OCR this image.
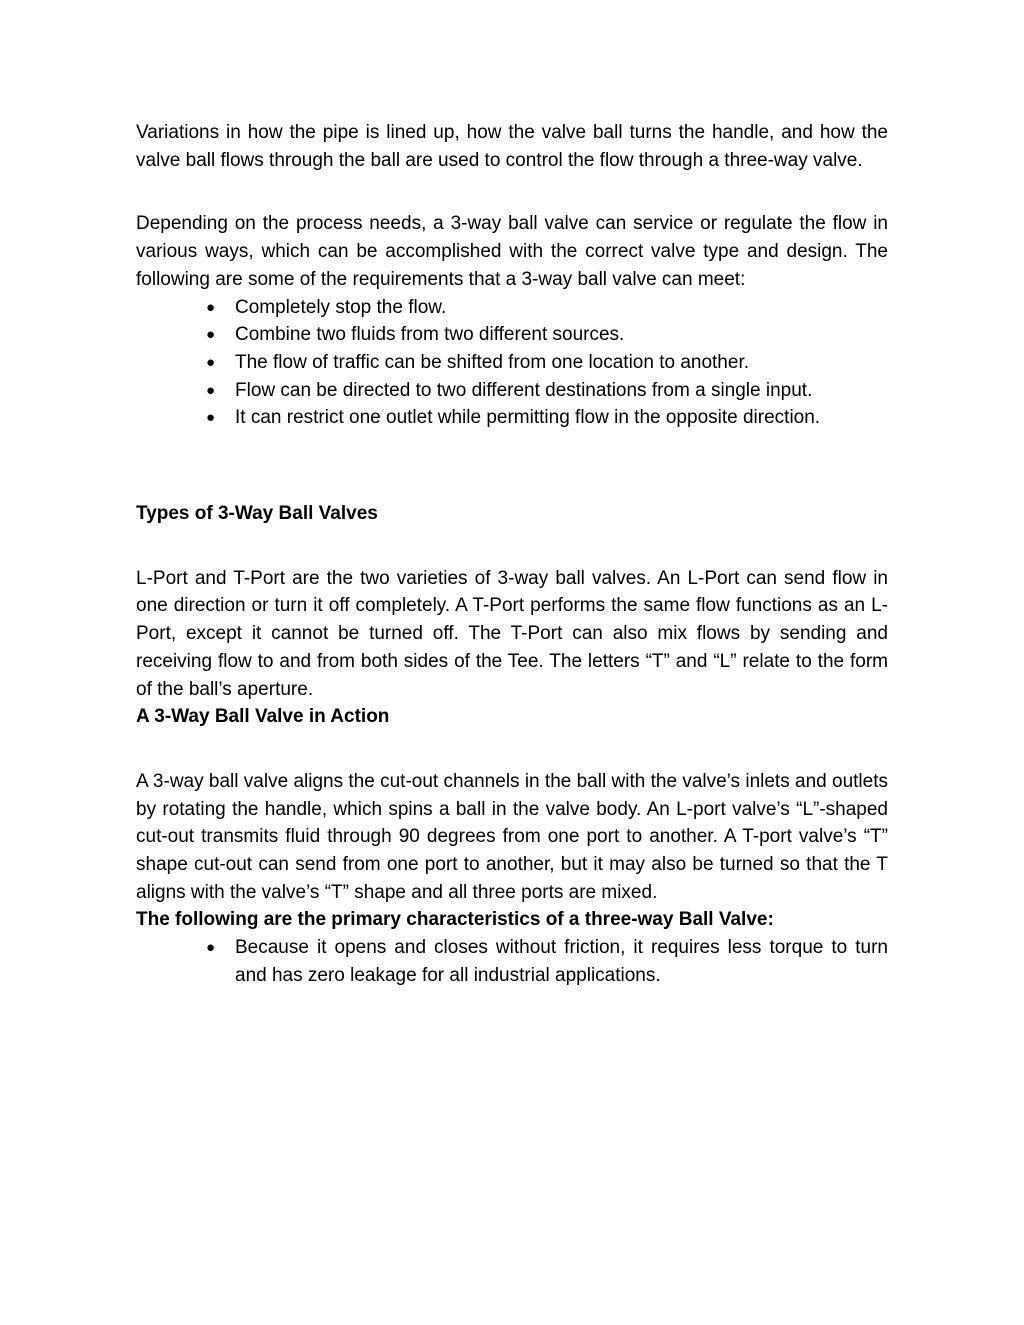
Variations in how the pipe is lined up, how the valve ball turns the handle, and how the valve ball flows through the ball are used to control the flow through a three-way valve.

Depending on the process needs, a 3-way ball valve can service or regulate the flow in various ways, which can be accomplished with the correct valve type and design. The following are some of the requirements that a 3-way ball valve can meet:

● Completely stop the flow.
● Combine two fluids from two different sources.
● The flow of traffic can be shifted from one location to another.
● Flow can be directed to two different destinations from a single input.
● It can restrict one outlet while permitting flow in the opposite direction.
Types of 3-Way Ball Valves

L-Port and T-Port are the two varieties of 3-way ball valves. An L-Port can send flow in one direction or turn it off completely. A T-Port performs the same flow functions as an L-Port, except it cannot be turned off. The T-Port can also mix flows by sending and receiving flow to and from both sides of the Tee. The letters “T” and “L” relate to the form of the ball’s aperture.

A 3-Way Ball Valve in Action

A 3-way ball valve aligns the cut-out channels in the ball with the valve’s inlets and outlets by rotating the handle, which spins a ball in the valve body. An L-port valve’s “L”-shaped cut-out transmits fluid through 90 degrees from one port to another. A T-port valve’s “T” shape cut-out can send from one port to another, but it may also be turned so that the T aligns with the valve’s “T” shape and all three ports are mixed.

The following are the primary characteristics of a three-way Ball Valve:
● Because it opens and closes without friction, it requires less torque to turn and has zero leakage for all industrial applications.
